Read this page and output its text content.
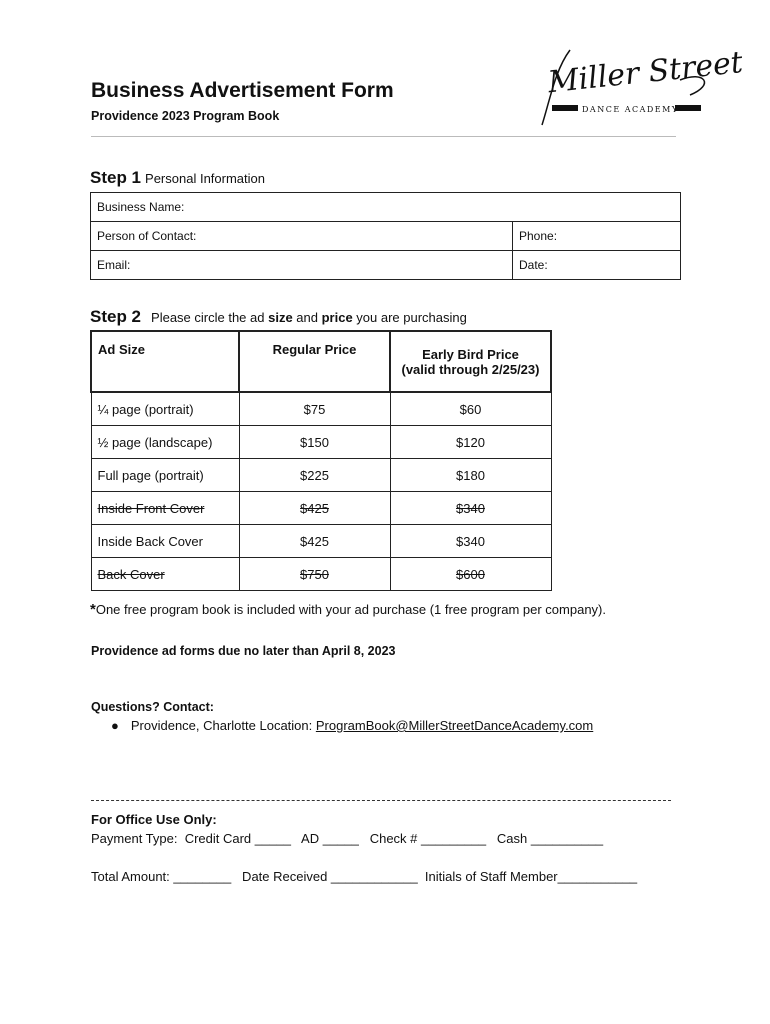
Business Advertisement Form
Providence 2023 Program Book
Miller Street
DANCE ACADEMY
Step 1 Personal Information
Business Name:	
Person of Contact:	Phone:
Email:	Date:
Step 2 Please circle the ad size and price you are purchasing
Ad Size	Regular Price	Early Bird Price
(valid through 2/25/23)
¼ page (portrait)	$75	$60
½ page (landscape)	$150	$120
Full page (portrait)	$225	$180
Inside Front Cover	$425	$340
Inside Back Cover	$425	$340
Back Cover	$750	$600
*One free program book is included with your ad purchase (1 free program per company).
Providence ad forms due no later than April 8, 2023
Questions? Contact:
● Providence, Charlotte Location: ProgramBook@MillerStreetDanceAcademy.com
For Office Use Only:
Payment Type:  Credit Card _____   AD _____   Check # _________   Cash __________
Total Amount: ________   Date Received ____________  Initials of Staff Member___________
